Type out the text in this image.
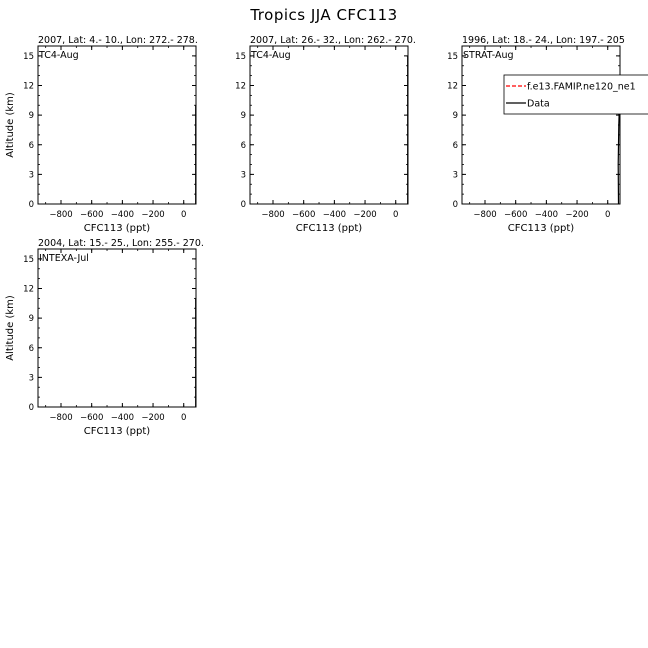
Tropics JJA CFC113
2007, Lat: 4.- 10., Lon: 272.- 278.
TC4-Aug
−800 −600 −400 −200 0
0
3
6
9
12
15
CFC113 (ppt)
Altitude (km)
2007, Lat: 26.- 32., Lon: 262.- 270.
TC4-Aug
−800 −600 −400 −200 0
0
3
6
9
12
15
CFC113 (ppt)
1996, Lat: 18.- 24., Lon: 197.- 205
STRAT-Aug
−800 −600 −400 −200 0
0
3
6
9
12
15
CFC113 (ppt)
f.e13.FAMIP.ne120_ne1
Data
2004, Lat: 15.- 25., Lon: 255.- 270.
INTEXA-Jul
−800 −600 −400 −200 0
0
3
6
9
12
15
CFC113 (ppt)
Altitude (km)
